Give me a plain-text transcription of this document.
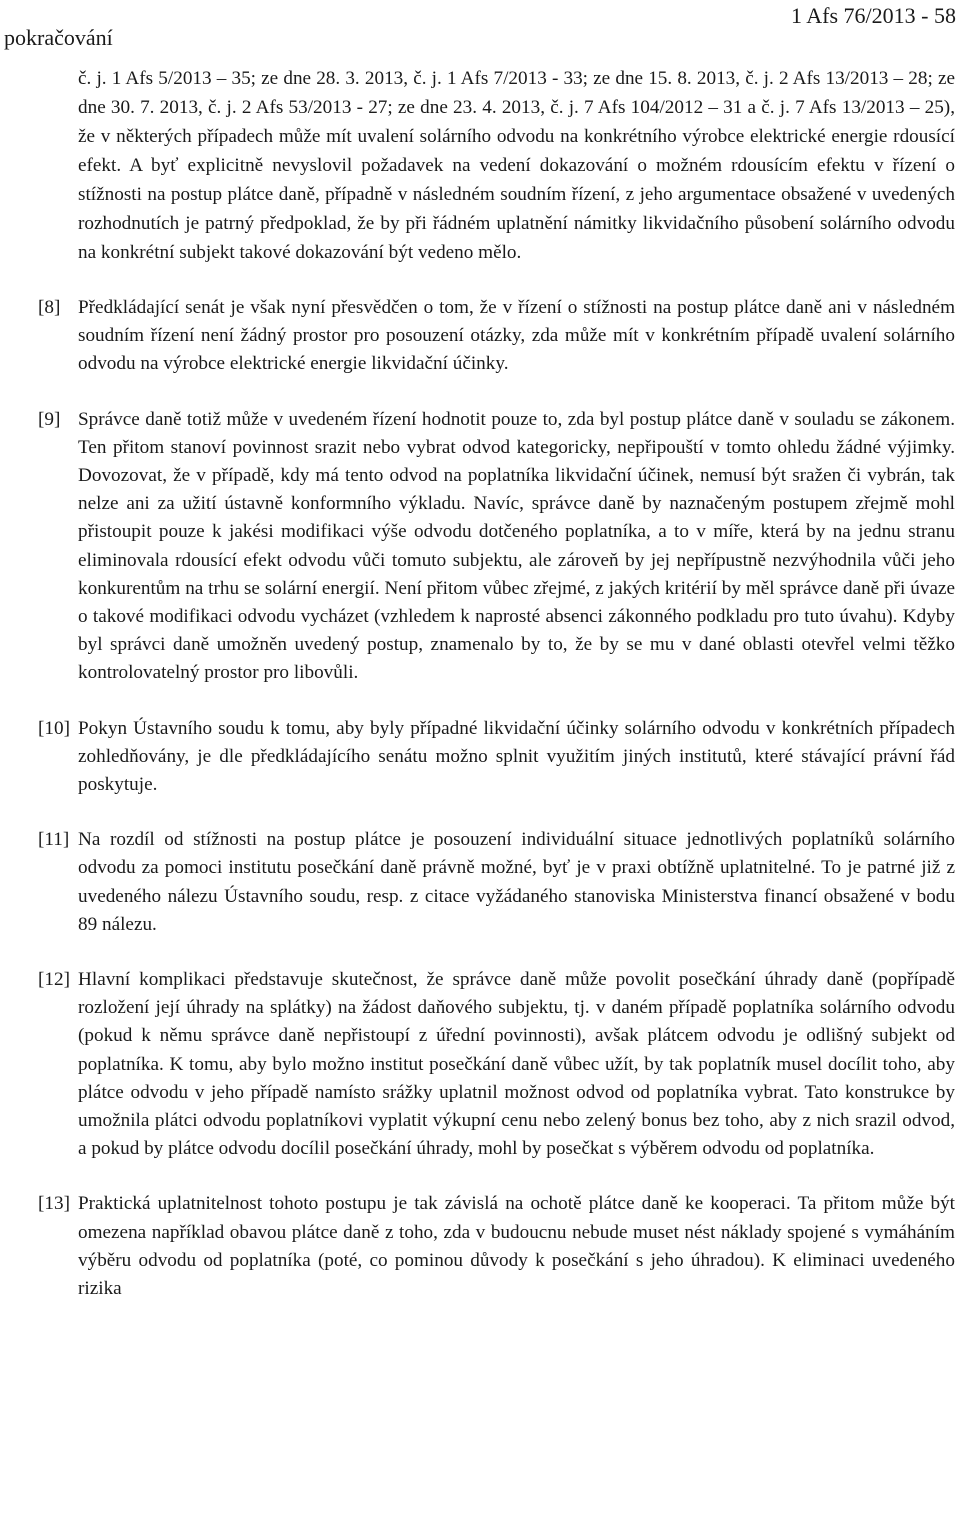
pokračování
1 Afs 76/2013 - 58

č. j. 1 Afs 5/2013 – 35; ze dne 28. 3. 2013, č. j. 1 Afs 7/2013 - 33; ze dne 15. 8. 2013, č. j. 2 Afs 13/2013 – 28; ze dne 30. 7. 2013, č. j. 2 Afs 53/2013 - 27; ze dne 23. 4. 2013, č. j. 7 Afs 104/2012 – 31 a č. j. 7 Afs 13/2013 – 25), že v některých případech může mít uvalení solárního odvodu na konkrétního výrobce elektrické energie rdousící efekt. A byť explicitně nevyslovil požadavek na vedení dokazování o možném rdousícím efektu v řízení o stížnosti na postup plátce daně, případně v následném soudním řízení, z jeho argumentace obsažené v uvedených rozhodnutích je patrný předpoklad, že by při řádném uplatnění námitky likvidačního působení solárního odvodu na konkrétní subjekt takové dokazování být vedeno mělo.

[8] Předkládající senát je však nyní přesvědčen o tom, že v řízení o stížnosti na postup plátce daně ani v následném soudním řízení není žádný prostor pro posouzení otázky, zda může mít v konkrétním případě uvalení solárního odvodu na výrobce elektrické energie likvidační účinky.

[9] Správce daně totiž může v uvedeném řízení hodnotit pouze to, zda byl postup plátce daně v souladu se zákonem. Ten přitom stanoví povinnost srazit nebo vybrat odvod kategoricky, nepřipouští v tomto ohledu žádné výjimky. Dovozovat, že v případě, kdy má tento odvod na poplatníka likvidační účinek, nemusí být sražen či vybrán, tak nelze ani za užití ústavně konformního výkladu. Navíc, správce daně by naznačeným postupem zřejmě mohl přistoupit pouze k jakési modifikaci výše odvodu dotčeného poplatníka, a to v míře, která by na jednu stranu eliminovala rdousící efekt odvodu vůči tomuto subjektu, ale zároveň by jej nepřípustně nezvýhodnila vůči jeho konkurentům na trhu se solární energií. Není přitom vůbec zřejmé, z jakých kritérií by měl správce daně při úvaze o takové modifikaci odvodu vycházet (vzhledem k naprosté absenci zákonného podkladu pro tuto úvahu). Kdyby byl správci daně umožněn uvedený postup, znamenalo by to, že by se mu v dané oblasti otevřel velmi těžko kontrolovatelný prostor pro libovůli.

[10] Pokyn Ústavního soudu k tomu, aby byly případné likvidační účinky solárního odvodu v konkrétních případech zohledňovány, je dle předkládajícího senátu možno splnit využitím jiných institutů, které stávající právní řád poskytuje.

[11] Na rozdíl od stížnosti na postup plátce je posouzení individuální situace jednotlivých poplatníků solárního odvodu za pomoci institutu posečkání daně právně možné, byť je v praxi obtížně uplatnitelné. To je patrné již z uvedeného nálezu Ústavního soudu, resp. z citace vyžádaného stanoviska Ministerstva financí obsažené v bodu 89 nálezu.

[12] Hlavní komplikaci představuje skutečnost, že správce daně může povolit posečkání úhrady daně (popřípadě rozložení její úhrady na splátky) na žádost daňového subjektu, tj. v daném případě poplatníka solárního odvodu (pokud k němu správce daně nepřistoupí z úřední povinnosti), avšak plátcem odvodu je odlišný subjekt od poplatníka. K tomu, aby bylo možno institut posečkání daně vůbec užít, by tak poplatník musel docílit toho, aby plátce odvodu v jeho případě namísto srážky uplatnil možnost odvod od poplatníka vybrat. Tato konstrukce by umožnila plátci odvodu poplatníkovi vyplatit výkupní cenu nebo zelený bonus bez toho, aby z nich srazil odvod, a pokud by plátce odvodu docílil posečkání úhrady, mohl by posečkat s výběrem odvodu od poplatníka.

[13] Praktická uplatnitelnost tohoto postupu je tak závislá na ochotě plátce daně ke kooperaci. Ta přitom může být omezena například obavou plátce daně z toho, zda v budoucnu nebude muset nést náklady spojené s vymáháním výběru odvodu od poplatníka (poté, co pominou důvody k posečkání s jeho úhradou). K eliminaci uvedeného rizika
